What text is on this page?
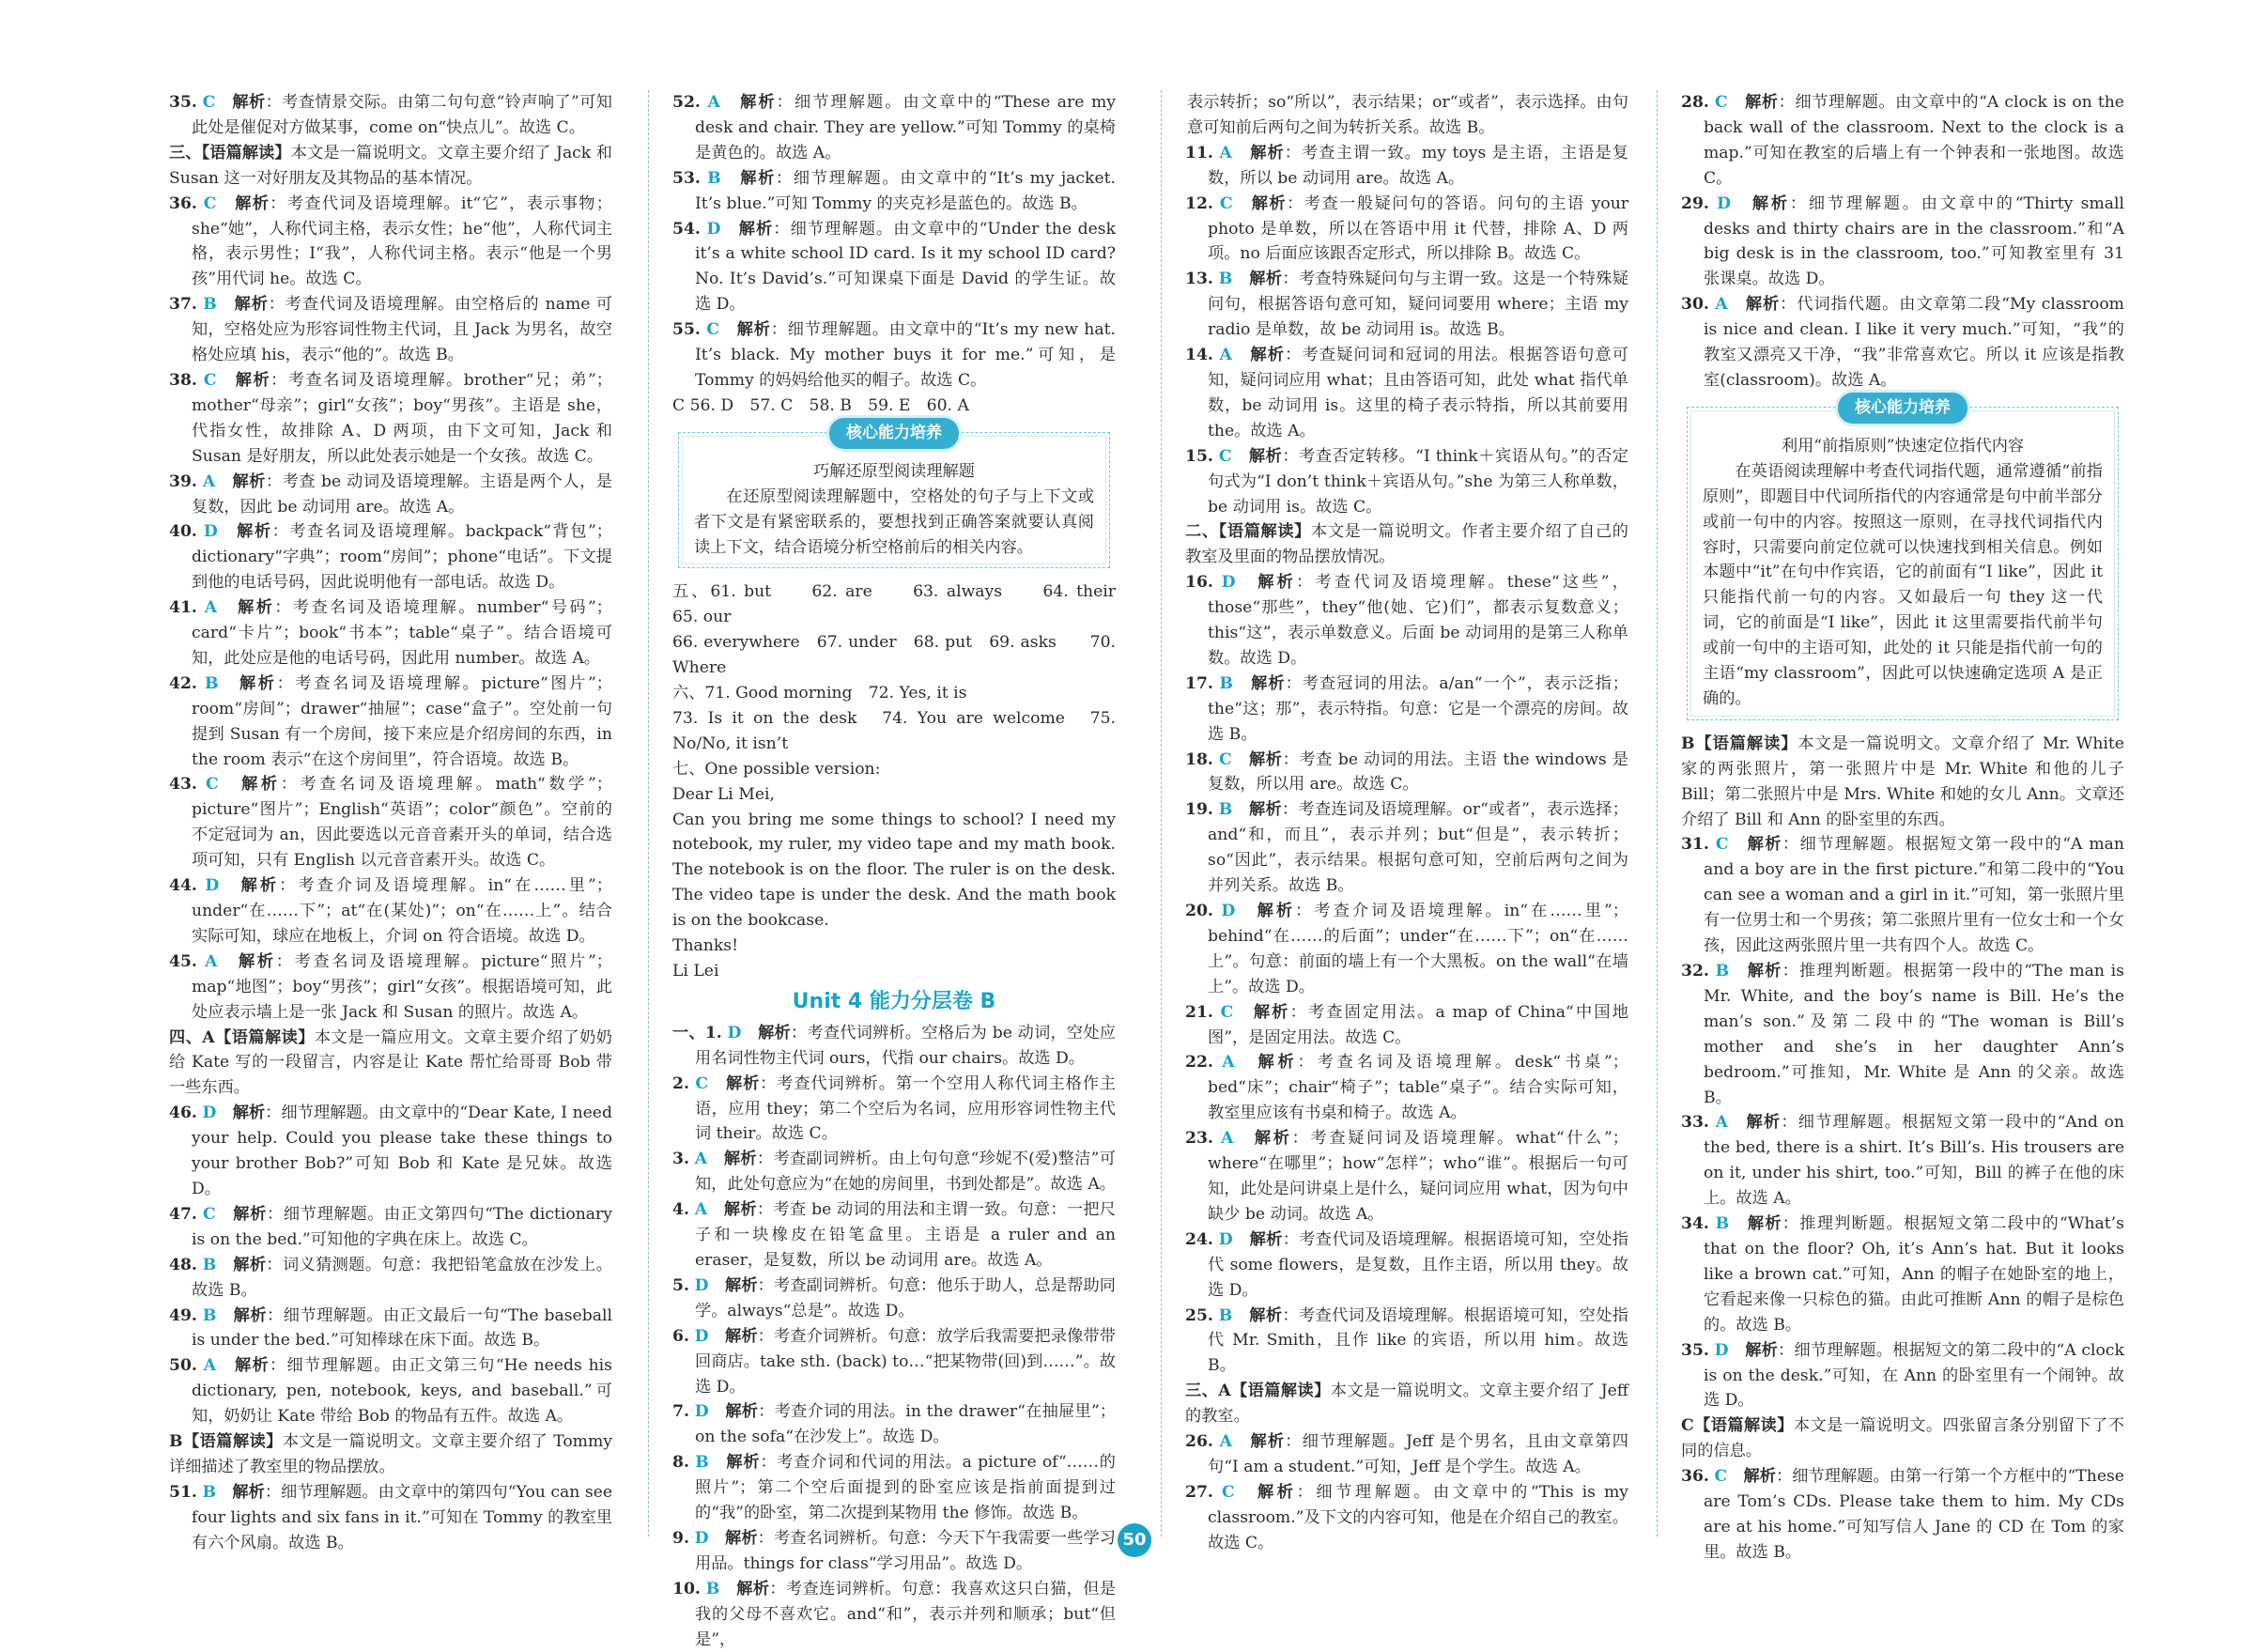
35. C　 解析：考查情景交际。由第二句句意“铃声响了”可知此处是催促对方做某事，come on“快点儿”。故选 C。

三、【语篇解读】本文是一篇说明文。文章主要介绍了 Jack 和 Susan 这一对好朋友及其物品的基本情况。

36. C　 解析：考查代词及语境理解。it“它”，表示事物；she“她”，人称代词主格，表示女性；he“他”，人称代词主格，表示男性；I“我”，人称代词主格。表示“他是一个男孩”用代词 he。故选 C。

37. B　 解析：考查代词及语境理解。由空格后的 name 可知，空格处应为形容词性物主代词，且 Jack 为男名，故空格处应填 his，表示“他的”。故选 B。

38. C　 解析：考查名词及语境理解。brother“兄；弟”；mother“母亲”；girl“女孩”；boy“男孩”。主语是 she，代指女性，故排除 A、D 两项，由下文可知，Jack 和 Susan 是好朋友，所以此处表示她是一个女孩。故选 C。

39. A　 解析：考查 be 动词及语境理解。主语是两个人，是复数，因此 be 动词用 are。故选 A。

40. D　 解析：考查名词及语境理解。backpack“背包”；dictionary“字典”；room“房间”；phone“电话”。下文提到他的电话号码，因此说明他有一部电话。故选 D。

41. A　 解析：考查名词及语境理解。number“号码”；card“卡片”；book“书本”；table“桌子”。结合语境可知，此处应是他的电话号码，因此用 number。故选 A。

42. B　 解析：考查名词及语境理解。picture“图片”；room“房间”；drawer“抽屉”；case“盒子”。空处前一句提到 Susan 有一个房间，接下来应是介绍房间的东西，in the room 表示“在这个房间里”，符合语境。故选 B。

43. C　 解析：考查名词及语境理解。math“数学”；picture“图片”；English“英语”；color“颜色”。空前的不定冠词为 an，因此要选以元音音素开头的单词，结合选项可知，只有 English 以元音音素开头。故选 C。

44. D　 解析：考查介词及语境理解。in“在……里”；under“在……下”；at“在(某处)”；on“在……上”。结合实际可知，球应在地板上，介词 on 符合语境。故选 D。

45. A　 解析：考查名词及语境理解。picture“照片”；map“地图”；boy“男孩”；girl“女孩”。根据语境可知，此处应表示墙上是一张 Jack 和 Susan 的照片。故选 A。

四、A【语篇解读】本文是一篇应用文。文章主要介绍了奶奶给 Kate 写的一段留言，内容是让 Kate 帮忙给哥哥 Bob 带一些东西。

46. D　 解析：细节理解题。由文章中的“Dear Kate, I need your help. Could you please take these things to your brother Bob?”可知 Bob 和 Kate 是兄妹。故选 D。

47. C　 解析：细节理解题。由正文第四句“The dictionary is on the bed.”可知他的字典在床上。故选 C。

48. B　 解析：词义猜测题。句意：我把铅笔盒放在沙发上。故选 B。

49. B　 解析：细节理解题。由正文最后一句“The baseball is under the bed.”可知棒球在床下面。故选 B。

50. A　 解析：细节理解题。由正文第三句“He needs his dictionary, pen, notebook, keys, and baseball.”可知，奶奶让 Kate 带给 Bob 的物品有五件。故选 A。

B【语篇解读】本文是一篇说明文。文章主要介绍了 Tommy 详细描述了教室里的物品摆放。

51. B　 解析：细节理解题。由文章中的第四句“You can see four lights and six fans in it.”可知在 Tommy 的教室里有六个风扇。故选 B。

52. A　 解析：细节理解题。由文章中的“These are my desk and chair. They are yellow.”可知 Tommy 的桌椅是黄色的。故选 A。

53. B　 解析：细节理解题。由文章中的“It’s my jacket. It’s blue.”可知 Tommy 的夹克衫是蓝色的。故选 B。

54. D　 解析：细节理解题。由文章中的“Under the desk it’s a white school ID card. Is it my school ID card? No. It’s David’s.”可知课桌下面是 David 的学生证。故选 D。

55. C　 解析：细节理解题。由文章中的“It’s my new hat. It’s black. My mother buys it for me.”可知，是 Tommy 的妈妈给他买的帽子。故选 C。

C 56. D　57. C　58. B　59. E　60. A

核心能力培养

巧解还原型阅读理解题

在还原型阅读理解题中，空格处的句子与上下文或者下文是有紧密联系的，要想找到正确答案就要认真阅读上下文，结合语境分析空格前后的相关内容。

五、61. but　　62. are　　63. always　　64. their　　65. our

66. everywhere　67. under　68. put　69. asks　　70. Where

六、71. Good morning　72. Yes, it is

73. Is it on the desk　74. You are welcome　75. No/No, it isn’t

七、One possible version:

Dear Li Mei,

Can you bring me some things to school? I need my notebook, my ruler, my video tape and my math book. The notebook is on the floor. The ruler is on the desk. The video tape is under the desk. And the math book is on the bookcase.

Thanks!

Li Lei

Unit 4 能力分层卷 B

一、1. D　 解析：考查代词辨析。空格后为 be 动词，空处应用名词性物主代词 ours，代指 our chairs。故选 D。

2. C　 解析：考查代词辨析。第一个空用人称代词主格作主语，应用 they；第二个空后为名词，应用形容词性物主代词 their。故选 C。

3. A　 解析：考查副词辨析。由上句句意“珍妮不(爱)整洁”可知，此处句意应为“在她的房间里，书到处都是”。故选 A。

4. A　 解析：考查 be 动词的用法和主谓一致。句意：一把尺子和一块橡皮在铅笔盒里。主语是 a ruler and an eraser，是复数，所以 be 动词用 are。故选 A。

5. D　 解析：考查副词辨析。句意：他乐于助人，总是帮助同学。always“总是”。故选 D。

6. D　 解析：考查介词辨析。句意：放学后我需要把录像带带回商店。take sth. (back) to…“把某物带(回)到……”。故选 D。

7. D　 解析：考查介词的用法。in the drawer“在抽屉里”；on the sofa“在沙发上”。故选 D。

8. B　 解析：考查介词和代词的用法。a picture of“……的照片”；第二个空后面提到的卧室应该是指前面提到过的“我”的卧室，第二次提到某物用 the 修饰。故选 B。

9. D　 解析：考查名词辨析。句意：今天下午我需要一些学习用品。things for class“学习用品”。故选 D。

10. B　 解析：考查连词辨析。句意：我喜欢这只白猫，但是我的父母不喜欢它。and“和”，表示并列和顺承；but“但是”，

表示转折；so“所以”，表示结果；or“或者”，表示选择。由句意可知前后两句之间为转折关系。故选 B。

11. A　 解析：考查主谓一致。my toys 是主语，主语是复数，所以 be 动词用 are。故选 A。

12. C　 解析：考查一般疑问句的答语。问句的主语 your photo 是单数，所以在答语中用 it 代替，排除 A、D 两项。no 后面应该跟否定形式，所以排除 B。故选 C。

13. B　 解析：考查特殊疑问句与主谓一致。这是一个特殊疑问句，根据答语句意可知，疑问词要用 where；主语 my radio 是单数，故 be 动词用 is。故选 B。

14. A　 解析：考查疑问词和冠词的用法。根据答语句意可知，疑问词应用 what；且由答语可知，此处 what 指代单数，be 动词用 is。这里的椅子表示特指，所以其前要用 the。故选 A。

15. C　 解析：考查否定转移。“I think＋宾语从句。”的否定句式为“I don’t think＋宾语从句。”she 为第三人称单数，be 动词用 is。故选 C。

二、【语篇解读】本文是一篇说明文。作者主要介绍了自己的教室及里面的物品摆放情况。

16. D　 解析：考查代词及语境理解。these“这些”，those“那些”，they“他(她、它)们”，都表示复数意义；this“这”，表示单数意义。后面 be 动词用的是第三人称单数。故选 D。

17. B　 解析：考查冠词的用法。a/an“一个”，表示泛指；the“这；那”，表示特指。句意：它是一个漂亮的房间。故选 B。

18. C　 解析：考查 be 动词的用法。主语 the windows 是复数，所以用 are。故选 C。

19. B　 解析：考查连词及语境理解。or“或者”，表示选择；and“和，而且”，表示并列；but“但是”，表示转折；so“因此”，表示结果。根据句意可知，空前后两句之间为并列关系。故选 B。

20. D　 解析：考查介词及语境理解。in“在……里”；behind“在……的后面”；under“在……下”；on“在……上”。句意：前面的墙上有一个大黑板。on the wall“在墙上”。故选 D。

21. C　 解析：考查固定用法。a map of China“中国地图”，是固定用法。故选 C。

22. A　 解析：考查名词及语境理解。desk“书桌”；bed“床”；chair“椅子”；table“桌子”。结合实际可知，教室里应该有书桌和椅子。故选 A。

23. A　 解析：考查疑问词及语境理解。what“什么”；where“在哪里”；how“怎样”；who“谁”。根据后一句可知，此处是问讲桌上是什么，疑问词应用 what，因为句中缺少 be 动词。故选 A。

24. D　 解析：考查代词及语境理解。根据语境可知，空处指代 some flowers，是复数，且作主语，所以用 they。故选 D。

25. B　 解析：考查代词及语境理解。根据语境可知，空处指代 Mr. Smith，且作 like 的宾语，所以用 him。故选 B。

三、A【语篇解读】本文是一篇说明文。文章主要介绍了 Jeff 的教室。

26. A　 解析：细节理解题。Jeff 是个男名，且由文章第四句“I am a student.”可知，Jeff 是个学生。故选 A。

27. C　 解析：细节理解题。由文章中的“This is my classroom.”及下文的内容可知，他是在介绍自己的教室。故选 C。

28. C　 解析：细节理解题。由文章中的“A clock is on the back wall of the classroom. Next to the clock is a map.”可知在教室的后墙上有一个钟表和一张地图。故选 C。

29. D　 解析：细节理解题。由文章中的“Thirty small desks and thirty chairs are in the classroom.”和“A big desk is in the classroom, too.”可知教室里有 31 张课桌。故选 D。

30. A　 解析：代词指代题。由文章第二段“My classroom is nice and clean. I like it very much.”可知，“我”的教室又漂亮又干净，“我”非常喜欢它。所以 it 应该是指教室(classroom)。故选 A。

核心能力培养

利用“前指原则”快速定位指代内容

在英语阅读理解中考查代词指代题，通常遵循“前指原则”，即题目中代词所指代的内容通常是句中前半部分或前一句中的内容。按照这一原则，在寻找代词指代内容时，只需要向前定位就可以快速找到相关信息。例如本题中“it”在句中作宾语，它的前面有“I like”，因此 it 只能指代前一句的内容。又如最后一句 they 这一代词，它的前面是“I like”，因此 it 这里需要指代前半句或前一句中的主语可知，此处的 it 只能是指代前一句的主语“my classroom”，因此可以快速确定选项 A 是正确的。

B【语篇解读】本文是一篇说明文。文章介绍了 Mr. White 家的两张照片，第一张照片中是 Mr. White 和他的儿子 Bill；第二张照片中是 Mrs. White 和她的女儿 Ann。文章还介绍了 Bill 和 Ann 的卧室里的东西。

31. C　 解析：细节理解题。根据短文第一段中的“A man and a boy are in the first picture.”和第二段中的“You can see a woman and a girl in it.”可知，第一张照片里有一位男士和一个男孩；第二张照片里有一位女士和一个女孩，因此这两张照片里一共有四个人。故选 C。

32. B　 解析：推理判断题。根据第一段中的“The man is Mr. White, and the boy’s name is Bill. He’s the man’s son.”及第二段中的“The woman is Bill’s mother and she’s in her daughter Ann’s bedroom.”可推知，Mr. White 是 Ann 的父亲。故选 B。

33. A　 解析：细节理解题。根据短文第一段中的“And on the bed, there is a shirt. It’s Bill’s. His trousers are on it, under his shirt, too.”可知，Bill 的裤子在他的床上。故选 A。

34. B　 解析：推理判断题。根据短文第二段中的“What’s that on the floor? Oh, it’s Ann’s hat. But it looks like a brown cat.”可知，Ann 的帽子在她卧室的地上，它看起来像一只棕色的猫。由此可推断 Ann 的帽子是棕色的。故选 B。

35. D　 解析：细节理解题。根据短文的第二段中的“A clock is on the desk.”可知，在 Ann 的卧室里有一个闹钟。故选 D。

C【语篇解读】本文是一篇说明文。四张留言条分别留下了不同的信息。

36. C　 解析：细节理解题。由第一行第一个方框中的“These are Tom’s CDs. Please take them to him. My CDs are at his home.”可知写信人 Jane 的 CD 在 Tom 的家里。故选 B。

50
